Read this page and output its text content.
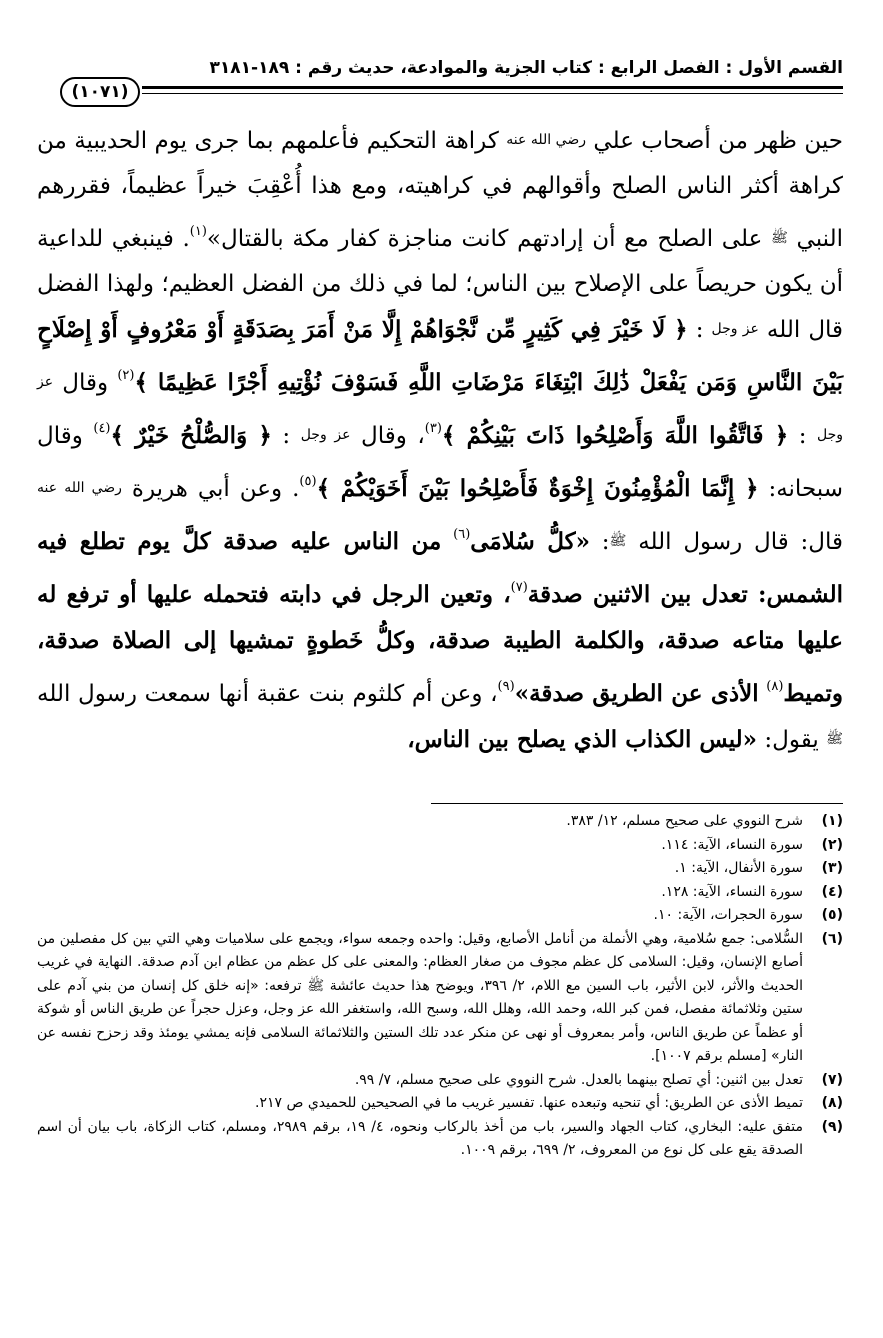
القسم الأول : الفصل الرابع : كتاب الجزية والموادعة، حديث رقم : ١٨٩-٣١٨١
(١٠٧١)

حين ظهر من أصحاب علي رضي الله عنه كراهة التحكيم فأعلمهم بما جرى يوم الحديبية من كراهة أكثر الناس الصلح وأقوالهم في كراهيته، ومع هذا أُعْقِبَ خيراً عظيماً، فقررهم النبي ﷺ على الصلح مع أن إرادتهم كانت مناجزة كفار مكة بالقتال»$^{(١)}$. فينبغي للداعية أن يكون حريصاً على الإصلاح بين الناس؛ لما في ذلك من الفضل العظيم؛ ولهذا الفضل قال الله عز وجل : ﴿ لَا خَيْرَ فِي كَثِيرٍ مِّن نَّجْوَاهُمْ إِلَّا مَنْ أَمَرَ بِصَدَقَةٍ أَوْ مَعْرُوفٍ أَوْ إِصْلَاحٍ بَيْنَ النَّاسِ وَمَن يَفْعَلْ ذَٰلِكَ ابْتِغَاءَ مَرْضَاتِ اللَّهِ فَسَوْفَ نُؤْتِيهِ أَجْرًا عَظِيمًا ﴾$^{(٢)}$ وقال عز وجل : ﴿ فَاتَّقُوا اللَّهَ وَأَصْلِحُوا ذَاتَ بَيْنِكُمْ ﴾$^{(٣)}$، وقال عز وجل : ﴿ وَالصُّلْحُ خَيْرٌ ﴾$^{(٤)}$ وقال سبحانه: ﴿ إِنَّمَا الْمُؤْمِنُونَ إِخْوَةٌ فَأَصْلِحُوا بَيْنَ أَخَوَيْكُمْ ﴾$^{(٥)}$. وعن أبي هريرة رضي الله عنه قال: قال رسول الله ﷺ: «كلُّ سُلامَى$^{(٦)}$ من الناس عليه صدقة كلَّ يوم تطلع فيه الشمس: تعدل بين الاثنين صدقة$^{(٧)}$، وتعين الرجل في دابته فتحمله عليها أو ترفع له عليها متاعه صدقة، والكلمة الطيبة صدقة، وكلُّ خَطوةٍ تمشيها إلى الصلاة صدقة، وتميط$^{(٨)}$ الأذى عن الطريق صدقة»$^{(٩)}$، وعن أم كلثوم بنت عقبة أنها سمعت رسول الله ﷺ يقول: «ليس الكذاب الذي يصلح بين الناس،

(١)
شرح النووي على صحيح مسلم، ١٢/ ٣٨٣.
(٢)
سورة النساء، الآية: ١١٤.
(٣)
سورة الأنفال، الآية: ١.
(٤)
سورة النساء، الآية: ١٢٨.
(٥)
سورة الحجرات، الآية: ١٠.
(٦)
السُّلامى: جمع سُلامية، وهي الأنملة من أنامل الأصابع، وقيل: واحده وجمعه سواء، ويجمع على سلاميات وهي التي بين كل مفصلين من أصابع الإنسان، وقيل: السلامى كل عظم مجوف من صغار العظام: والمعنى على كل عظم من عظام ابن آدم صدقة. النهاية في غريب الحديث والأثر، لابن الأثير، باب السين مع اللام، ٢/ ٣٩٦، ويوضح هذا حديث عائشة ﷺ ترفعه: «إنه خلق كل إنسان من بني آدم على ستين وثلاثمائة مفصل، فمن كبر الله، وحمد الله، وهلل الله، وسبح الله، واستغفر الله عز وجل، وعزل حجراً عن طريق الناس أو شوكة أو عظماً عن طريق الناس، وأمر بمعروف أو نهى عن منكر عدد تلك الستين والثلاثمائة السلامى فإنه يمشي يومئذ وقد زحزح نفسه عن النار» [مسلم برقم ١٠٠٧].
(٧)
تعدل بين اثنين: أي تصلح بينهما بالعدل. شرح النووي على صحيح مسلم، ٧/ ٩٩.
(٨)
تميط الأذى عن الطريق: أي تنحيه وتبعده عنها. تفسير غريب ما في الصحيحين للحميدي ص ٢١٧.
(٩)
متفق عليه: البخاري، كتاب الجهاد والسير، باب من أخذ بالركاب ونحوه، ٤/ ١٩، برقم ٢٩٨٩، ومسلم، كتاب الزكاة، باب بيان أن اسم الصدقة يقع على كل نوع من المعروف، ٢/ ٦٩٩، برقم ١٠٠٩.
